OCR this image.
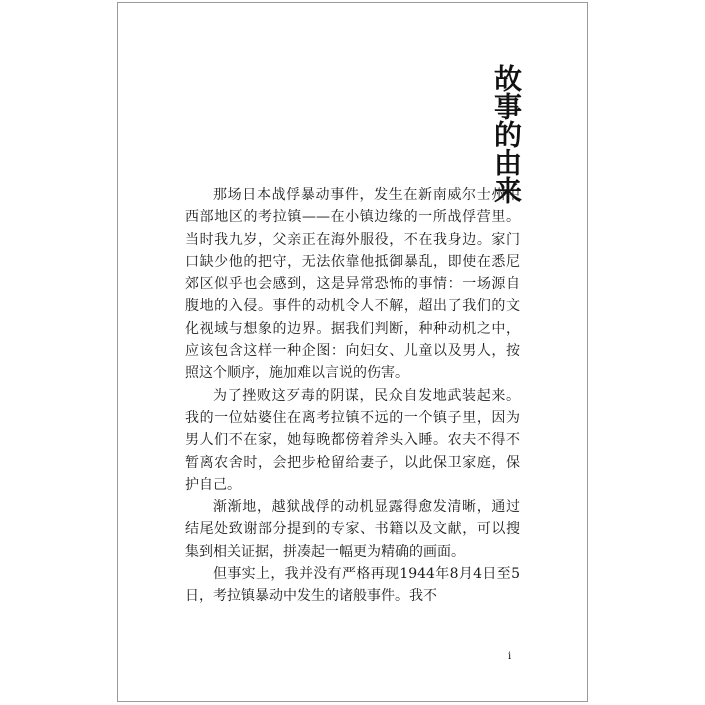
故事的由来

那场日本战俘暴动事件，发生在新南威尔士州中西部地区的考拉镇——在小镇边缘的一所战俘营里。当时我九岁，父亲正在海外服役，不在我身边。家门口缺少他的把守，无法依靠他抵御暴乱，即使在悉尼郊区似乎也会感到，这是异常恐怖的事情：一场源自腹地的入侵。事件的动机令人不解，超出了我们的文化视域与想象的边界。据我们判断，种种动机之中，应该包含这样一种企图：向妇女、儿童以及男人，按照这个顺序，施加难以言说的伤害。

为了挫败这歹毒的阴谋，民众自发地武装起来。我的一位姑婆住在离考拉镇不远的一个镇子里，因为男人们不在家，她每晚都傍着斧头入睡。农夫不得不暂离农舍时，会把步枪留给妻子，以此保卫家庭，保护自己。

渐渐地，越狱战俘的动机显露得愈发清晰，通过结尾处致谢部分提到的专家、书籍以及文献，可以搜集到相关证据，拼凑起一幅更为精确的画面。

但事实上，我并没有严格再现1944年8月4日至5日，考拉镇暴动中发生的诸般事件。我不

i
